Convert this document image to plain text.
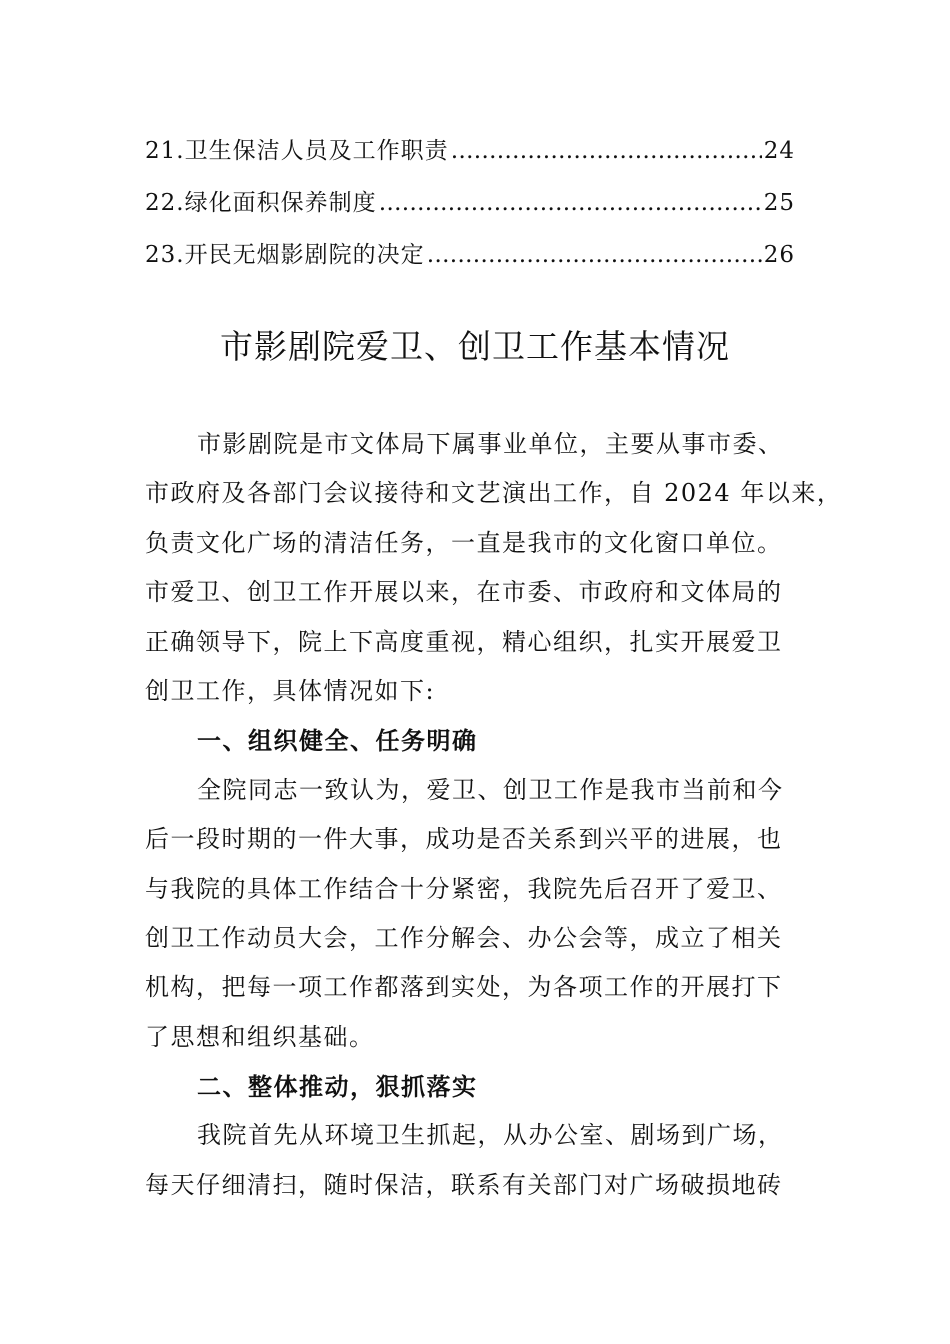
21. 卫生保洁人员及工作职责 …………………………………………………………………………………………………………………………………………………………………	24
22. 绿化面积保养制度 …………………………………………………………………………………………………………………………………………………………………	25
23. 开民无烟影剧院的决定 …………………………………………………………………………………………………………………………………………………………………	26
市影剧院爱卫、创卫工作基本情况
市影剧院是市文体局下属事业单位，主要从事市委、
市政府及各部门会议接待和文艺演出工作，自 2024 年以来，
负责文化广场的清洁任务，一直是我市的文化窗口单位。
市爱卫、创卫工作开展以来，在市委、市政府和文体局的
正确领导下，院上下高度重视，精心组织，扎实开展爱卫
创卫工作，具体情况如下:
一、组织健全、任务明确
全院同志一致认为，爱卫、创卫工作是我市当前和今
后一段时期的一件大事，成功是否关系到兴平的进展，也
与我院的具体工作结合十分紧密，我院先后召开了爱卫、
创卫工作动员大会，工作分解会、办公会等，成立了相关
机构，把每一项工作都落到实处，为各项工作的开展打下
了思想和组织基础。
二、整体推动，狠抓落实
我院首先从环境卫生抓起，从办公室、剧场到广场，
每天仔细清扫，随时保洁，联系有关部门对广场破损地砖
